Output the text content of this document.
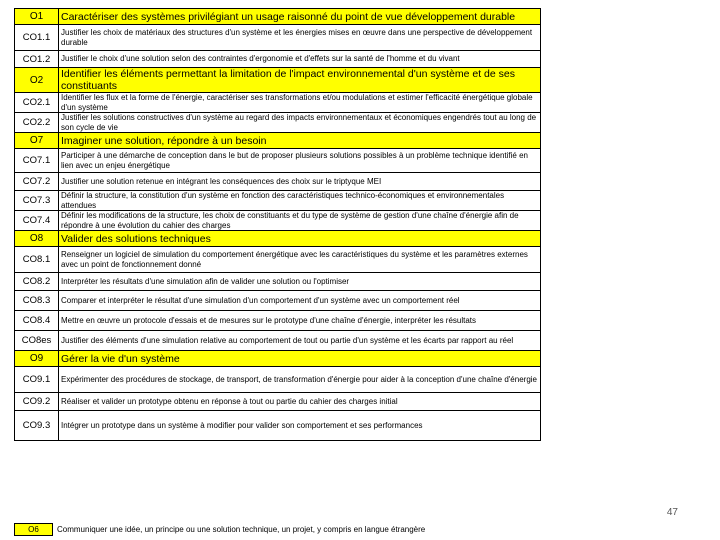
O1	Caractériser des systèmes privilégiant un usage raisonné du point de vue développement durable
CO1.1	Justifier les choix de matériaux des structures d'un système et les énergies mises en œuvre dans une perspective de développement durable
CO1.2	Justifier le choix d'une solution selon des contraintes d'ergonomie et d'effets sur la santé de l'homme et du vivant
O2	Identifier les éléments permettant la limitation de l'impact environnemental d'un système et de ses constituants
CO2.1	Identifier les flux et la forme de l'énergie, caractériser ses transformations et/ou modulations et estimer l'efficacité énergétique globale d'un système
CO2.2	Justifier les solutions constructives d'un système au regard des impacts environnementaux et économiques engendrés tout au long de son cycle de vie
O7	Imaginer une solution, répondre à un besoin
CO7.1	Participer à une démarche de conception dans le but de proposer plusieurs solutions possibles à un problème technique identifié en lien avec un enjeu énergétique
CO7.2	Justifier une solution retenue en intégrant les conséquences des choix sur le triptyque MEI
CO7.3	Définir la structure, la constitution d'un système en fonction des caractéristiques technico-économiques et environnementales attendues
CO7.4	Définir les modifications de la structure, les choix de constituants et du type de système de gestion d'une chaîne d'énergie afin de répondre à une évolution du cahier des charges
O8	Valider des solutions techniques
CO8.1	Renseigner un logiciel de simulation du comportement énergétique avec les caractéristiques du système et les paramètres externes avec un point de fonctionnement donné
CO8.2	Interpréter les résultats d'une simulation afin de valider une solution ou l'optimiser
CO8.3	Comparer et interpréter le résultat d'une simulation d'un comportement d'un système avec un comportement réel
CO8.4	Mettre en œuvre un protocole d'essais et de mesures sur le prototype d'une chaîne d'énergie, interpréter les résultats
CO8es	Justifier des éléments d'une simulation relative au comportement de tout ou partie d'un système et les écarts par rapport au réel
O9	Gérer la vie d'un système
CO9.1	Expérimenter des procédures de stockage, de transport, de transformation d'énergie pour aider à la conception d'une chaîne d'énergie
CO9.2	Réaliser et valider un prototype obtenu en réponse à tout ou partie du cahier des charges initial
CO9.3	Intégrer un prototype dans un système à modifier pour valider son comportement et ses performances
O6	Communiquer une idée, un principe ou une solution technique, un projet, y compris en langue étrangère
47
